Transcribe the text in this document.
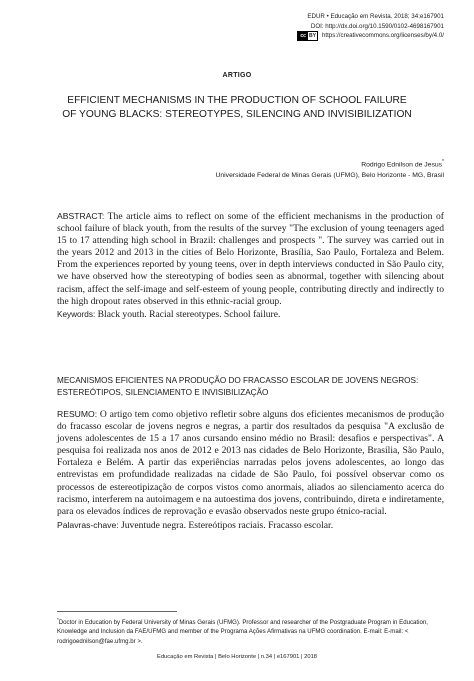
EDUR • Educação em Revista. 2018; 34:e167901
DOI: http://dx.doi.org/10.1590/0102-4698167901
cc BY https://creativecommons.org/licenses/by/4.0/
ARTIGO
EFFICIENT MECHANISMS IN THE PRODUCTION OF SCHOOL FAILURE OF YOUNG BLACKS: STEREOTYPES, SILENCING AND INVISIBILIZATION
Rodrigo Ednilson de Jesus*
Universidade Federal de Minas Gerais (UFMG), Belo Horizonte - MG, Brasil
ABSTRACT: The article aims to reflect on some of the efficient mechanisms in the production of school failure of black youth, from the results of the survey "The exclusion of young teenagers aged 15 to 17 attending high school in Brazil: challenges and prospects ". The survey was carried out in the years 2012 and 2013 in the cities of Belo Horizonte, Brasília, Sao Paulo, Fortaleza and Belem. From the experiences reported by young teens, over in depth interviews conducted in São Paulo city, we have observed how the stereotyping of bodies seen as abnormal, together with silencing about racism, affect the self-image and self-esteem of young people, contributing directly and indirectly to the high dropout rates observed in this ethnic-racial group.
Keywords: Black youth. Racial stereotypes. School failure.
MECANISMOS EFICIENTES NA PRODUÇÃO DO FRACASSO ESCOLAR DE JOVENS NEGROS: ESTEREÓTIPOS, SILENCIAMENTO E INVISIBILIZAÇÃO
RESUMO: O artigo tem como objetivo refletir sobre alguns dos eficientes mecanismos de produção do fracasso escolar de jovens negros e negras, a partir dos resultados da pesquisa "A exclusão de jovens adolescentes de 15 a 17 anos cursando ensino médio no Brasil: desafios e perspectivas". A pesquisa foi realizada nos anos de 2012 e 2013 nas cidades de Belo Horizonte, Brasília, São Paulo, Fortaleza e Belém. A partir das experiências narradas pelos jovens adolescentes, ao longo das entrevistas em profundidade realizadas na cidade de São Paulo, foi possível observar como os processos de estereotipização de corpos vistos como anormais, aliados ao silenciamento acerca do racismo, interferem na autoimagem e na autoestima dos jovens, contribuindo, direta e indiretamente, para os elevados índices de reprovação e evasão observados neste grupo étnico-racial.
Palavras-chave: Juventude negra. Estereótipos raciais. Fracasso escolar.
*Doctor in Education by Federal University of Minas Gerais (UFMG). Professor and researcher of the Postgraduate Program in Education, Knowledge and Inclusion da FAE/UFMG and member of the Programa Ações Afirmativas na UFMG coordination. E-mail: E-mail: < rodrigoednilson@fae.ufmg.br >.
Educação em Revista | Belo Horizonte | n.34 | e167901 | 2018
